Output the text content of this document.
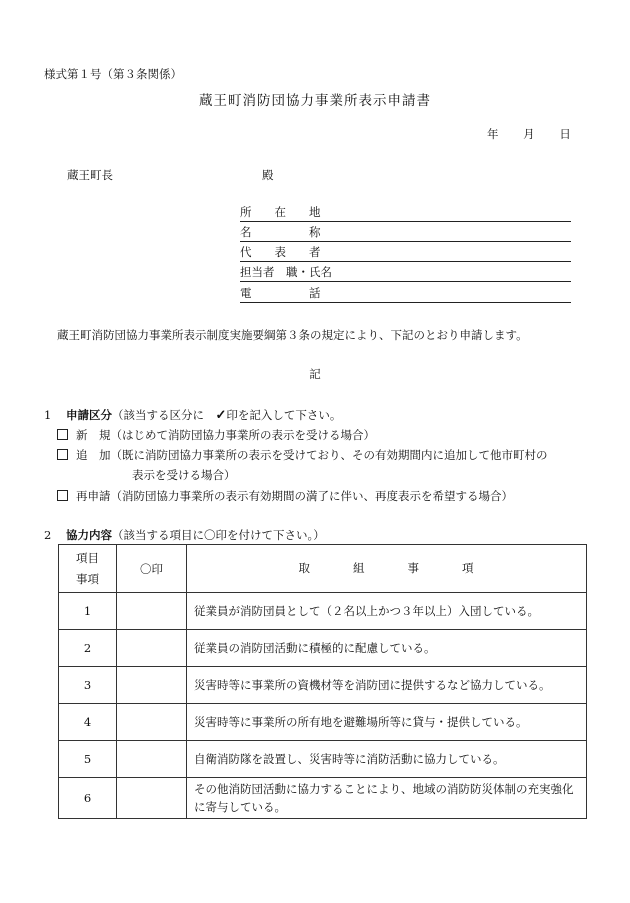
様式第１号（第３条関係）
蔵王町消防団協力事業所表示申請書
年 月 日
蔵王町長	殿
所　　在　　地
名　　　　　称
代　　表　　者
担当者　職・氏名
電　　　　　話
蔵王町消防団協力事業所表示制度実施要綱第３条の規定により、下記のとおり申請します。
記
1 申請区分（該当する区分に　✓印を記入して下さい。
新　規（はじめて消防団協力事業所の表示を受ける場合）
追　加（既に消防団協力事業所の表示を受けており、その有効期間内に追加して他市町村の
表示を受ける場合）
再申請（消防団協力事業所の表示有効期間の満了に伴い、再度表示を希望する場合）
2 協力内容（該当する項目に〇印を付けて下さい。）
項目
事項	〇印	取 組 事 項
1		従業員が消防団員として（２名以上かつ３年以上）入団している。
2		従業員の消防団活動に積極的に配慮している。
3		災害時等に事業所の資機材等を消防団に提供するなど協力している。
4		災害時等に事業所の所有地を避難場所等に貸与・提供している。
5		自衛消防隊を設置し、災害時等に消防活動に協力している。
6		その他消防団活動に協力することにより、地域の消防防災体制の充実強化に寄与している。
